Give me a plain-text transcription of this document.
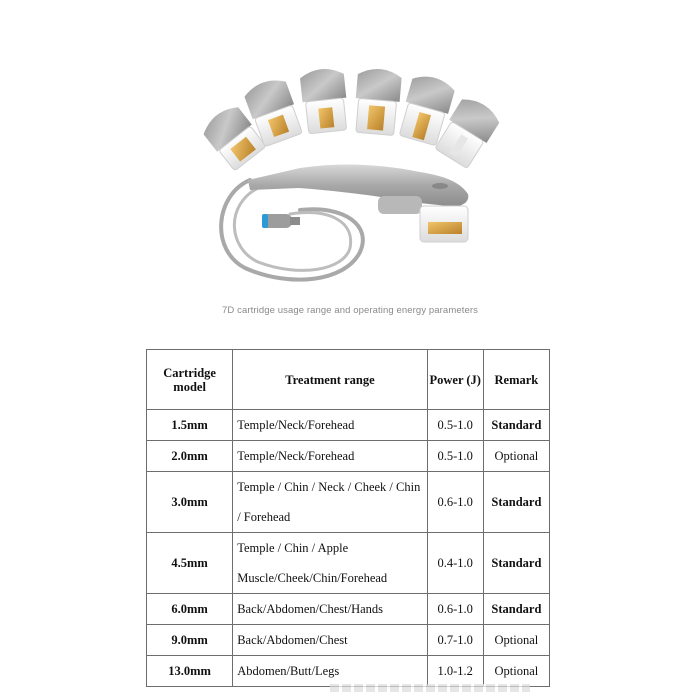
7D cartridge usage range and operating energy parameters
Cartridge model	Treatment range	Power (J)	Remark
1.5mm	Temple/Neck/Forehead	0.5-1.0	Standard
2.0mm	Temple/Neck/Forehead	0.5-1.0	Optional
3.0mm	Temple / Chin / Neck / Cheek / Chin / Forehead	0.6-1.0	Standard
4.5mm	Temple / Chin / Apple Muscle/Cheek/Chin/Forehead	0.4-1.0	Standard
6.0mm	Back/Abdomen/Chest/Hands	0.6-1.0	Standard
9.0mm	Back/Abdomen/Chest	0.7-1.0	Optional
13.0mm	Abdomen/Butt/Legs	1.0-1.2	Optional
